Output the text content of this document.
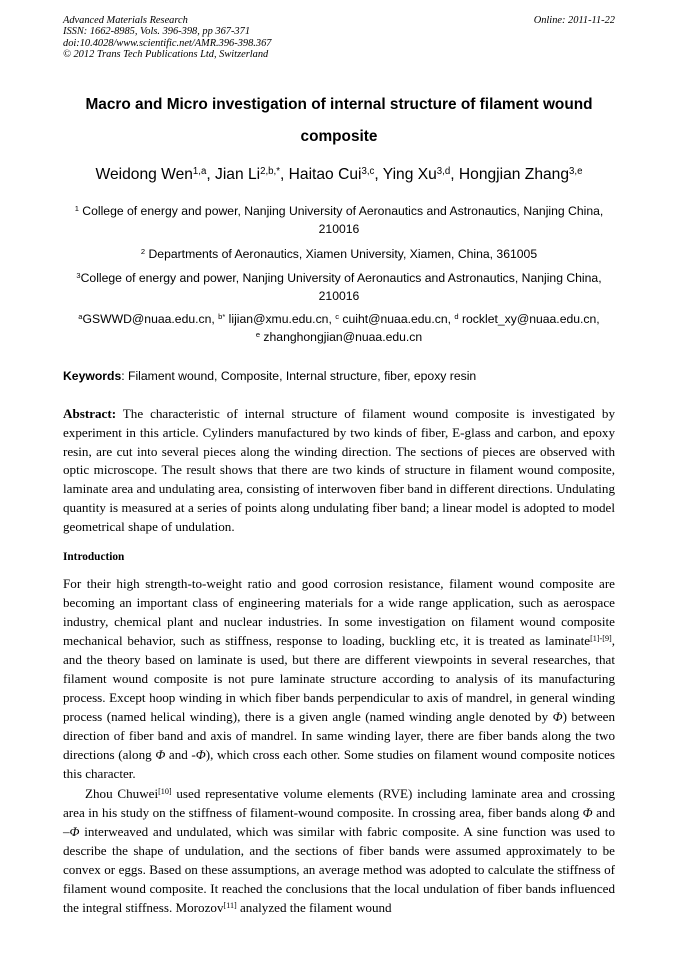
Advanced Materials Research
ISSN: 1662-8985, Vols. 396-398, pp 367-371
doi:10.4028/www.scientific.net/AMR.396-398.367
© 2012 Trans Tech Publications Ltd, Switzerland
Online: 2011-11-22
Macro and Micro investigation of internal structure of filament wound composite
Weidong Wen$^{1,a}$, Jian $Li^{2,b,*}$, Haitao Cui$^{3,c}$, Ying Xu$^{3,d}$, Hongjian Zhang$^{3,e}$
$^1$ College of energy and power, Nanjing University of Aeronautics and Astronautics, Nanjing China,
210016
$^2$ Departments of Aeronautics, Xiamen University, Xiamen, China, 361005
$^3$College of energy and power, Nanjing University of Aeronautics and Astronautics, Nanjing China,
210016
$^a$GSWWD@nuaa.edu.cn, $^{b*}$ lijian@xmu.edu.cn, $^c$ cuiht@nuaa.edu.cn, $^d$ rocklet_xy@nuaa.edu.cn,
$^e$ zhanghongjian@nuaa.edu.cn
Keywords: Filament wound, Composite, Internal structure, fiber, epoxy resin
Abstract: The characteristic of internal structure of filament wound composite is investigated by experiment in this article. Cylinders manufactured by two kinds of fiber, E-glass and carbon, and epoxy resin, are cut into several pieces along the winding direction. The sections of pieces are observed with optic microscope. The result shows that there are two kinds of structure in filament wound composite, laminate area and undulating area, consisting of interwoven fiber band in different directions. Undulating quantity is measured at a series of points along undulating fiber band; a linear model is adopted to model geometrical shape of undulation.
Introduction

For their high strength-to-weight ratio and good corrosion resistance, filament wound composite are becoming an important class of engineering materials for a wide range application, such as aerospace industry, chemical plant and nuclear industries. In some investigation on filament wound composite mechanical behavior, such as stiffness, response to loading, buckling etc, it is treated as laminate[1]-[9], and the theory based on laminate is used, but there are different viewpoints in several researches, that filament wound composite is not pure laminate structure according to analysis of its manufacturing process. Except hoop winding in which fiber bands perpendicular to axis of mandrel, in general winding process (named helical winding), there is a given angle (named winding angle denoted by Φ) between direction of fiber band and axis of mandrel. In same winding layer, there are fiber bands along the two directions (along Φ and -Φ), which cross each other. Some studies on filament wound composite notices this character.

Zhou Chuwei[10] used representative volume elements (RVE) including laminate area and crossing area in his study on the stiffness of filament-wound composite. In crossing area, fiber bands along Φ and –Φ interweaved and undulated, which was similar with fabric composite. A sine function was used to describe the shape of undulation, and the sections of fiber bands were assumed approximately to be convex or eggs. Based on these assumptions, an average method was adopted to calculate the stiffness of filament wound composite. It reached the conclusions that the local undulation of fiber bands influenced the integral stiffness. Morozov[11] analyzed the filament wound
